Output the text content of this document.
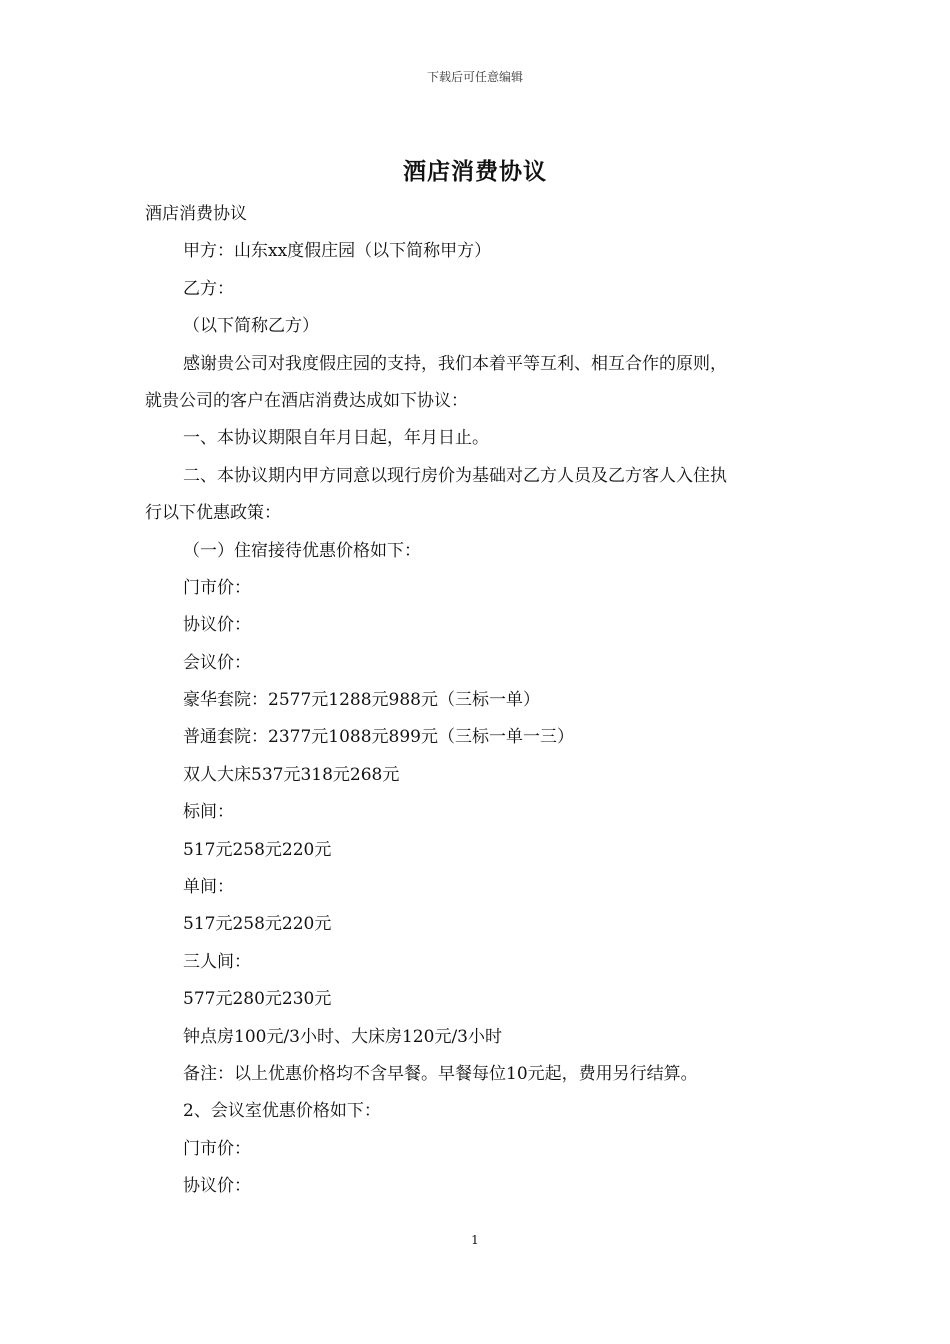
下载后可任意编辑
酒店消费协议
酒店消费协议
甲方：山东xx度假庄园（以下简称甲方）
乙方：
（以下简称乙方）
感谢贵公司对我度假庄园的支持，我们本着平等互利、相互合作的原则，
就贵公司的客户在酒店消费达成如下协议：
一、本协议期限自年月日起，年月日止。
二、本协议期内甲方同意以现行房价为基础对乙方人员及乙方客人入住执
行以下优惠政策：
（一）住宿接待优惠价格如下：
门市价：
协议价：
会议价：
豪华套院：2577元1288元988元（三标一单）
普通套院：2377元1088元899元（三标一单一三）
双人大床537元318元268元
标间：
517元258元220元
单间：
517元258元220元
三人间：
577元280元230元
钟点房100元/3小时、大床房120元/3小时
备注：以上优惠价格均不含早餐。早餐每位10元起，费用另行结算。
2、会议室优惠价格如下：
门市价：
协议价：
1
